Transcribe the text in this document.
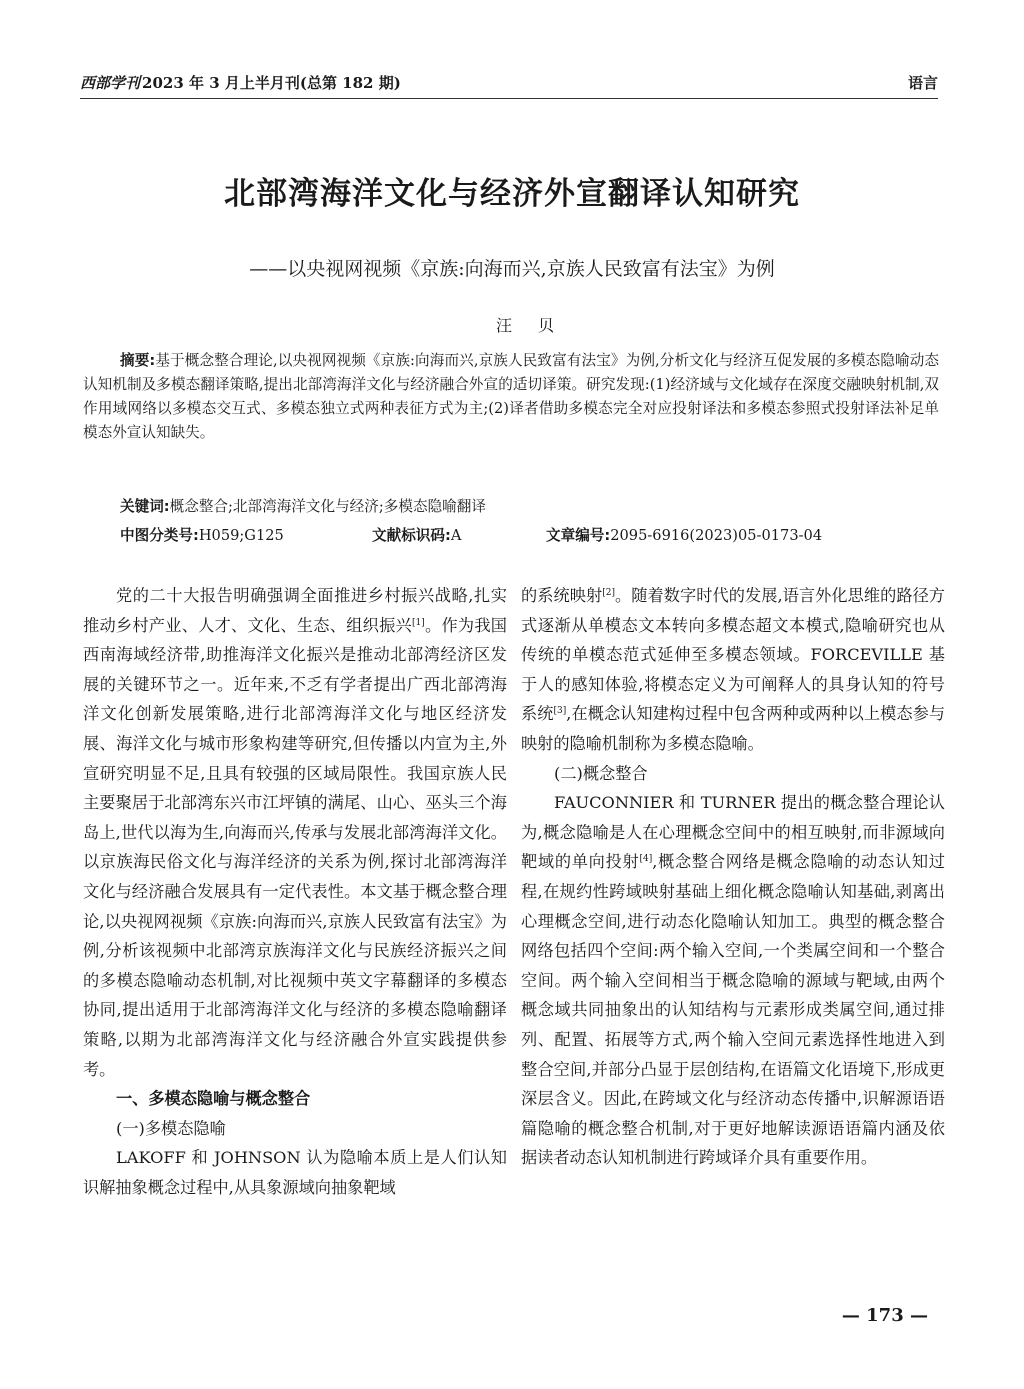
西部学刊 2023 年 3 月上半月刊(总第 182 期)	语言
北部湾海洋文化与经济外宣翻译认知研究
——以央视网视频《京族:向海而兴,京族人民致富有法宝》为例
汪贝
摘要:基于概念整合理论,以央视网视频《京族:向海而兴,京族人民致富有法宝》为例,分析文化与经济互促发展的多模态隐喻动态认知机制及多模态翻译策略,提出北部湾海洋文化与经济融合外宣的适切译策。研究发现:(1)经济域与文化域存在深度交融映射机制,双作用域网络以多模态交互式、多模态独立式两种表征方式为主;(2)译者借助多模态完全对应投射译法和多模态参照式投射译法补足单模态外宣认知缺失。
关键词:概念整合;北部湾海洋文化与经济;多模态隐喻翻译
中图分类号:H059;G125	文献标识码:A	文章编号:2095-6916(2023)05-0173-04

党的二十大报告明确强调全面推进乡村振兴战略,扎实推动乡村产业、人才、文化、生态、组织振兴[1]。作为我国西南海域经济带,助推海洋文化振兴是推动北部湾经济区发展的关键环节之一。近年来,不乏有学者提出广西北部湾海洋文化创新发展策略,进行北部湾海洋文化与地区经济发展、海洋文化与城市形象构建等研究,但传播以内宣为主,外宣研究明显不足,且具有较强的区域局限性。我国京族人民主要聚居于北部湾东兴市江坪镇的满尾、山心、巫头三个海岛上,世代以海为生,向海而兴,传承与发展北部湾海洋文化。以京族海民俗文化与海洋经济的关系为例,探讨北部湾海洋文化与经济融合发展具有一定代表性。本文基于概念整合理论,以央视网视频《京族:向海而兴,京族人民致富有法宝》为例,分析该视频中北部湾京族海洋文化与民族经济振兴之间的多模态隐喻动态机制,对比视频中英文字幕翻译的多模态协同,提出适用于北部湾海洋文化与经济的多模态隐喻翻译策略,以期为北部湾海洋文化与经济融合外宣实践提供参考。

一、多模态隐喻与概念整合
(一)多模态隐喻

LAKOFF 和 JOHNSON 认为隐喻本质上是人们认知识解抽象概念过程中,从具象源域向抽象靶域

的系统映射[2]。随着数字时代的发展,语言外化思维的路径方式逐渐从单模态文本转向多模态超文本模式,隐喻研究也从传统的单模态范式延伸至多模态领域。FORCEVILLE 基于人的感知体验,将模态定义为可阐释人的具身认知的符号系统[3],在概念认知建构过程中包含两种或两种以上模态参与映射的隐喻机制称为多模态隐喻。

(二)概念整合

FAUCONNIER 和 TURNER 提出的概念整合理论认为,概念隐喻是人在心理概念空间中的相互映射,而非源域向靶域的单向投射[4],概念整合网络是概念隐喻的动态认知过程,在规约性跨域映射基础上细化概念隐喻认知基础,剥离出心理概念空间,进行动态化隐喻认知加工。典型的概念整合网络包括四个空间:两个输入空间,一个类属空间和一个整合空间。两个输入空间相当于概念隐喻的源域与靶域,由两个概念域共同抽象出的认知结构与元素形成类属空间,通过排列、配置、拓展等方式,两个输入空间元素选择性地进入到整合空间,并部分凸显于层创结构,在语篇文化语境下,形成更深层含义。因此,在跨域文化与经济动态传播中,识解源语语篇隐喻的概念整合机制,对于更好地解读源语语篇内涵及依据读者动态认知机制进行跨域译介具有重要作用。

— 173 —
